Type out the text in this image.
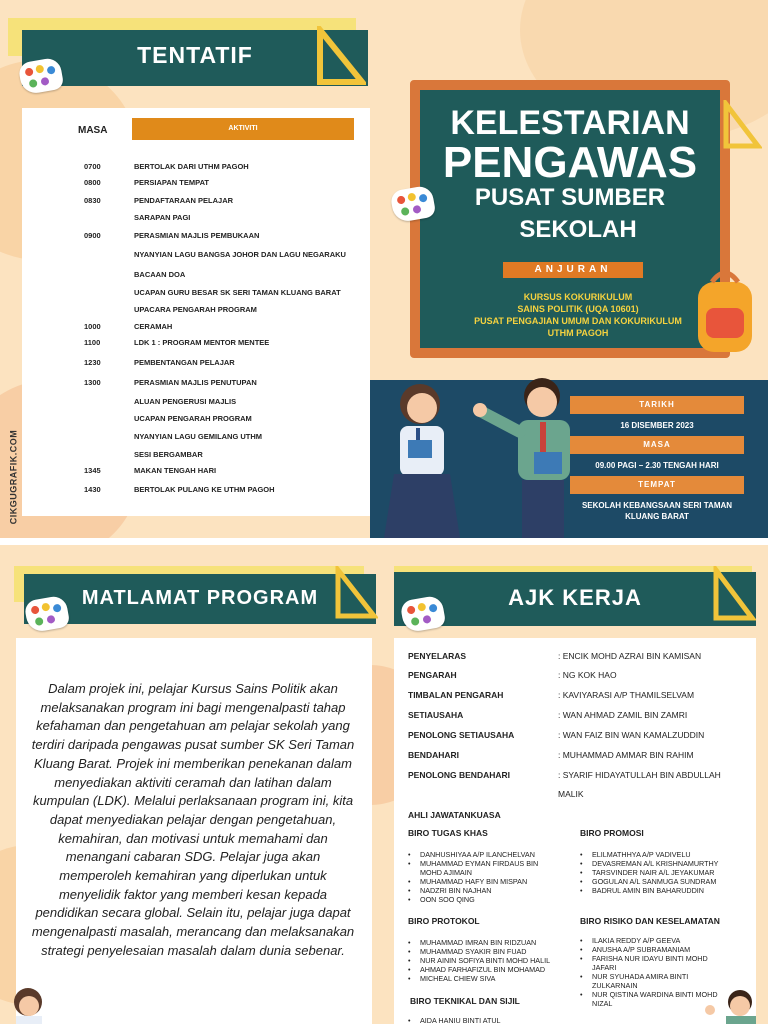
TENTATIF
MASA	AKTIVITI
0700	BERTOLAK DARI UTHM PAGOH
0800	PERSIAPAN TEMPAT
0830	PENDAFTARAAN PELAJAR
SARAPAN PAGI
0900	PERASMIAN MAJLIS PEMBUKAAN
NYANYIAN LAGU BANGSA JOHOR DAN LAGU NEGARAKU
BACAAN DOA
UCAPAN GURU BESAR SK SERI TAMAN KLUANG BARAT
UPACARA PENGARAH PROGRAM
1000	CERAMAH
1100	LDK 1 : PROGRAM MENTOR MENTEE
1230	PEMBENTANGAN PELAJAR
1300	PERASMIAN MAJLIS PENUTUPAN
ALUAN PENGERUSI MAJLIS
UCAPAN PENGARAH PROGRAM
NYANYIAN LAGU GEMILANG UTHM
SESI BERGAMBAR
1345	MAKAN TENGAH HARI
1430	BERTOLAK PULANG KE UTHM PAGOH
CIKGUGRAFIK.COM
KELESTARIAN
PENGAWAS
PUSAT SUMBER
SEKOLAH
ANJURAN
KURSUS KOKURIKULUM
SAINS POLITIK (UQA 10601)
PUSAT PENGAJIAN UMUM DAN KOKURIKULUM
UTHM PAGOH
TARIKH
16 DISEMBER 2023
MASA
09.00 PAGI – 2.30 TENGAH HARI
TEMPAT
SEKOLAH KEBANGSAAN SERI TAMAN
KLUANG BARAT
MATLAMAT PROGRAM
Dalam projek ini, pelajar Kursus Sains Politik akan melaksanakan program ini bagi mengenalpasti tahap kefahaman dan pengetahuan am pelajar sekolah yang terdiri daripada pengawas pusat sumber SK Seri Taman Kluang Barat. Projek ini memberikan penekanan dalam menyediakan aktiviti ceramah dan latihan dalam kumpulan (LDK). Melalui perlaksanaan program ini, kita dapat menyediakan pelajar dengan pengetahuan, kemahiran, dan motivasi untuk memahami dan menangani cabaran SDG. Pelajar juga akan memperoleh kemahiran yang diperlukan untuk menyelidik faktor yang memberi kesan kepada pendidikan secara global. Selain itu, pelajar juga dapat mengenalpasti masalah, merancang dan melaksanakan strategi penyelesaian masalah dalam dunia sebenar.
AJK KERJA
PENYELARAS	: ENCIK MOHD AZRAI BIN KAMISAN
PENGARAH	: NG KOK HAO
TIMBALAN PENGARAH	: KAVIYARASI A/P THAMILSELVAM
SETIAUSAHA	: WAN AHMAD ZAMIL BIN ZAMRI
PENOLONG SETIAUSAHA	: WAN FAIZ BIN WAN KAMALZUDDIN
BENDAHARI	: MUHAMMAD AMMAR BIN RAHIM
PENOLONG BENDAHARI	: SYARIF HIDAYATULLAH BIN ABDULLAH
MALIK
AHLI JAWATANKUASA
BIRO TUGAS KHAS
• DANHUSHIYAA A/P ILANCHELVAN
• MUHAMMAD EYMAN FIRDAUS BIN MOHD AJIMAIN
• MUHAMMAD HAFY BIN MISPAN
• NADZRI BIN NAJHAN
• OON SOO QING
BIRO PROMOSI
• ELILMATHHYA A/P VADIVELU
• DEVASREMAN A/L KRISHNAMURTHY
• TARSVINDER NAIR A/L JEYAKUMAR
• GOGULAN A/L SANMUGA SUNDRAM
• BADRUL AMIN BIN BAHARUDDIN
BIRO PROTOKOL
• MUHAMMAD IMRAN BIN RIDZUAN
• MUHAMMAD SYAKIR BIN FUAD
• NUR AININ SOFIYA BINTI MOHD HALIL
• AHMAD FARHAFIZUL BIN MOHAMAD
• MICHEAL CHIEW SIVA
BIRO RISIKO DAN KESELAMATAN
• ILAKIA REDDY A/P GEEVA
• ANUSHA A/P SUBRAMANIAM
• FARISHA NUR IDAYU BINTI MOHD JAFARI
• NUR SYUHADA AMIRA BINTI ZULKARNAIN
• NUR QISTINA WARDINA BINTI MOHD NIZAL
BIRO TEKNIKAL DAN SIJIL
• AIDA HANIU BINTI ATUL
